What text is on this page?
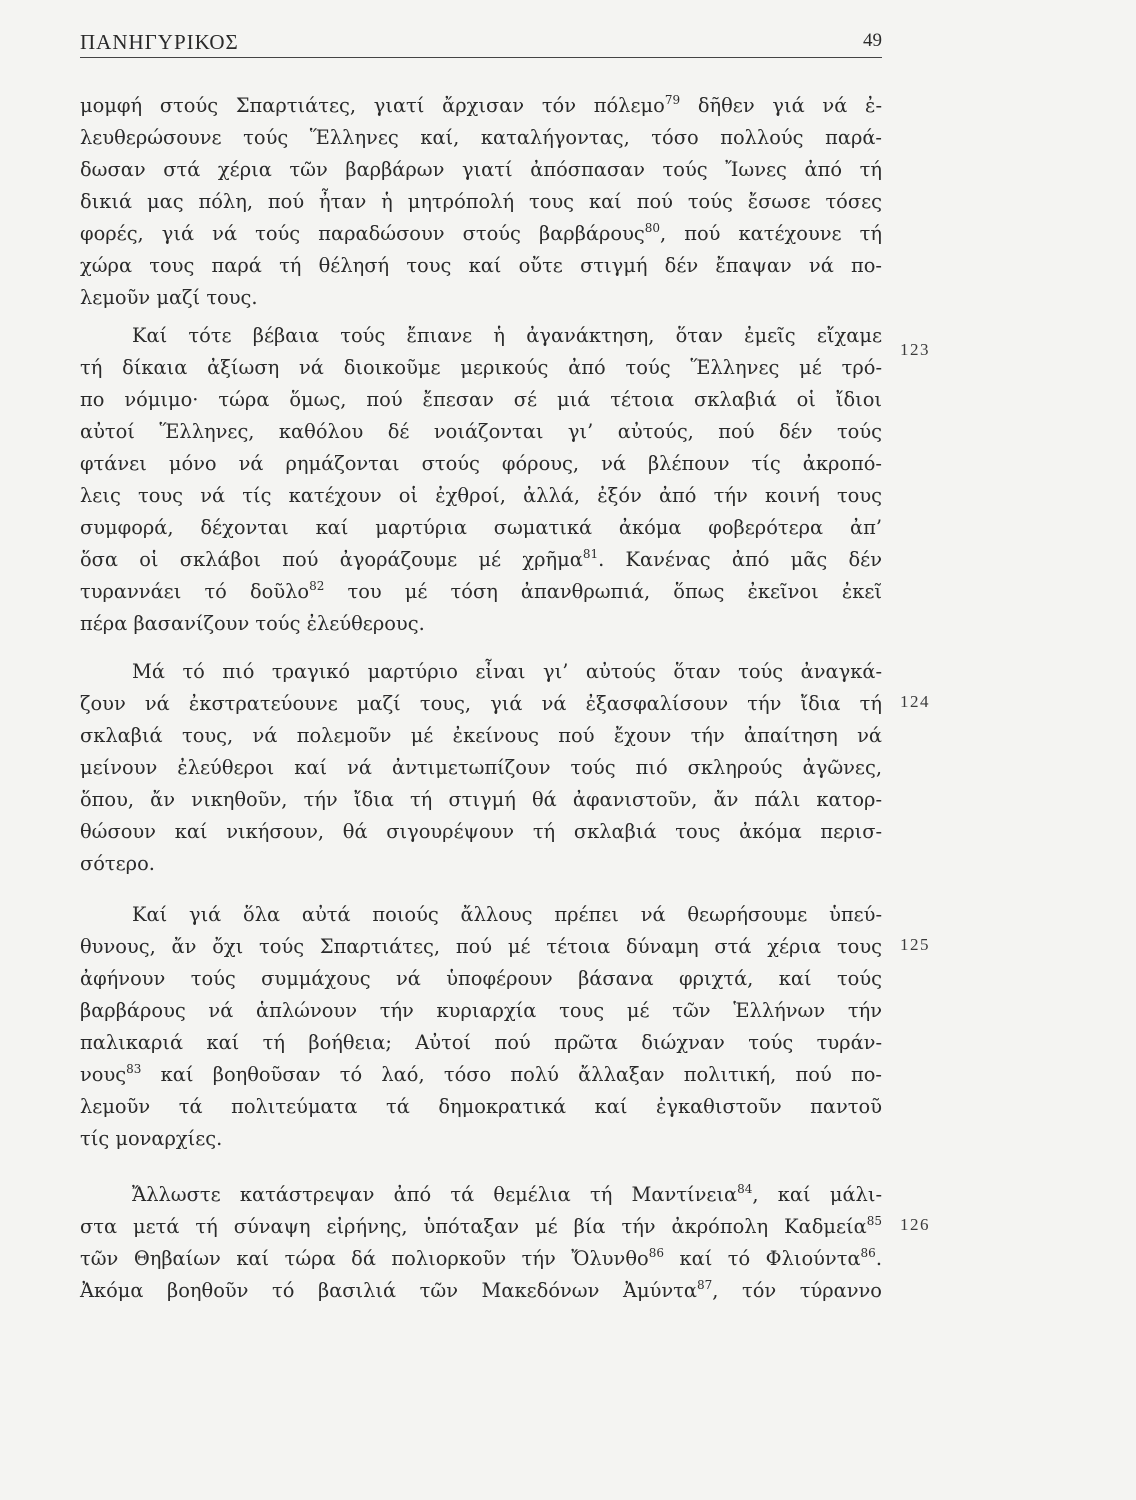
ΠΑΝΗΓΥΡΙΚΟΣ	49
μομφή στούς Σπαρτιάτες, γιατί ἄρχισαν τόν πόλεμο$^{79}$ δῆθεν γιά νά ἐ-
λευθερώσουνε τούς Ἕλληνες καί, καταλήγοντας, τόσο πολλούς παρά-
δωσαν στά χέρια τῶν βαρβάρων γιατί ἀπόσπασαν τούς Ἴωνες ἀπό τή
δικιά μας πόλη, πού ἦταν ἡ μητρόπολή τους καί πού τούς ἔσωσε τόσες
φορές, γιά νά τούς παραδώσουν στούς βαρβάρους$^{80}$, πού κατέχουνε τή
χώρα τους παρά τή θέλησή τους καί οὔτε στιγμή δέν ἔπαψαν νά πο-
λεμοῦν μαζί τους.
Καί τότε βέβαια τούς ἔπιανε ἡ ἀγανάκτηση, ὅταν ἐμεῖς εἴχαμε
τή δίκαια ἀξίωση νά διοικοῦμε μερικούς ἀπό τούς Ἕλληνες μέ τρό-
πο νόμιμο· τώρα ὅμως, πού ἔπεσαν σέ μιά τέτοια σκλαβιά οἱ ἴδιοι
αὐτοί Ἕλληνες, καθόλου δέ νοιάζονται γι’ αὐτούς, πού δέν τούς
φτάνει μόνο νά ρημάζονται στούς φόρους, νά βλέπουν τίς ἀκροπό-
λεις τους νά τίς κατέχουν οἱ ἐχθροί, ἀλλά, ἐξόν ἀπό τήν κοινή τους
συμφορά, δέχονται καί μαρτύρια σωματικά ἀκόμα φοβερότερα ἀπ’
ὅσα οἱ σκλάβοι πού ἀγοράζουμε μέ χρῆμα$^{81}$. Κανένας ἀπό μᾶς δέν
τυραννάει τό δοῦλο$^{82}$ του μέ τόση ἀπανθρωπιά, ὅπως ἐκεῖνοι ἐκεῖ
πέρα βασανίζουν τούς ἐλεύθερους.
Μά τό πιό τραγικό μαρτύριο εἶναι γι’ αὐτούς ὅταν τούς ἀναγκά-
ζουν νά ἐκστρατεύουνε μαζί τους, γιά νά ἐξασφαλίσουν τήν ἴδια τή
σκλαβιά τους, νά πολεμοῦν μέ ἐκείνους πού ἔχουν τήν ἀπαίτηση νά
μείνουν ἐλεύθεροι καί νά ἀντιμετωπίζουν τούς πιό σκληρούς ἀγῶνες,
ὅπου, ἄν νικηθοῦν, τήν ἴδια τή στιγμή θά ἀφανιστοῦν, ἄν πάλι κατορ-
θώσουν καί νικήσουν, θά σιγουρέψουν τή σκλαβιά τους ἀκόμα περισ-
σότερο.
Καί γιά ὅλα αὐτά ποιούς ἄλλους πρέπει νά θεωρήσουμε ὑπεύ-
θυνους, ἄν ὄχι τούς Σπαρτιάτες, πού μέ τέτοια δύναμη στά χέρια τους
ἀφήνουν τούς συμμάχους νά ὑποφέρουν βάσανα φριχτά, καί τούς
βαρβάρους νά ἁπλώνουν τήν κυριαρχία τους μέ τῶν Ἑλλήνων τήν
παλικαριά καί τή βοήθεια; Αὐτοί πού πρῶτα διώχναν τούς τυράν-
νους$^{83}$ καί βοηθοῦσαν τό λαό, τόσο πολύ ἄλλαξαν πολιτική, πού πο-
λεμοῦν τά πολιτεύματα τά δημοκρατικά καί ἐγκαθιστοῦν παντοῦ
τίς μοναρχίες.
Ἄλλωστε κατάστρεψαν ἀπό τά θεμέλια τή Μαντίνεια$^{84}$, καί μάλι-
στα μετά τή σύναψη εἰρήνης, ὑπόταξαν μέ βία τήν ἀκρόπολη Καδμεία$^{85}$
τῶν Θηβαίων καί τώρα δά πολιορκοῦν τήν Ὄλυνθο$^{86}$ καί τό Φλιούντα$^{86}$.
Ἀκόμα βοηθοῦν τό βασιλιά τῶν Μακεδόνων Ἀμύντα$^{87}$, τόν τύραννο
123
124
125
126
